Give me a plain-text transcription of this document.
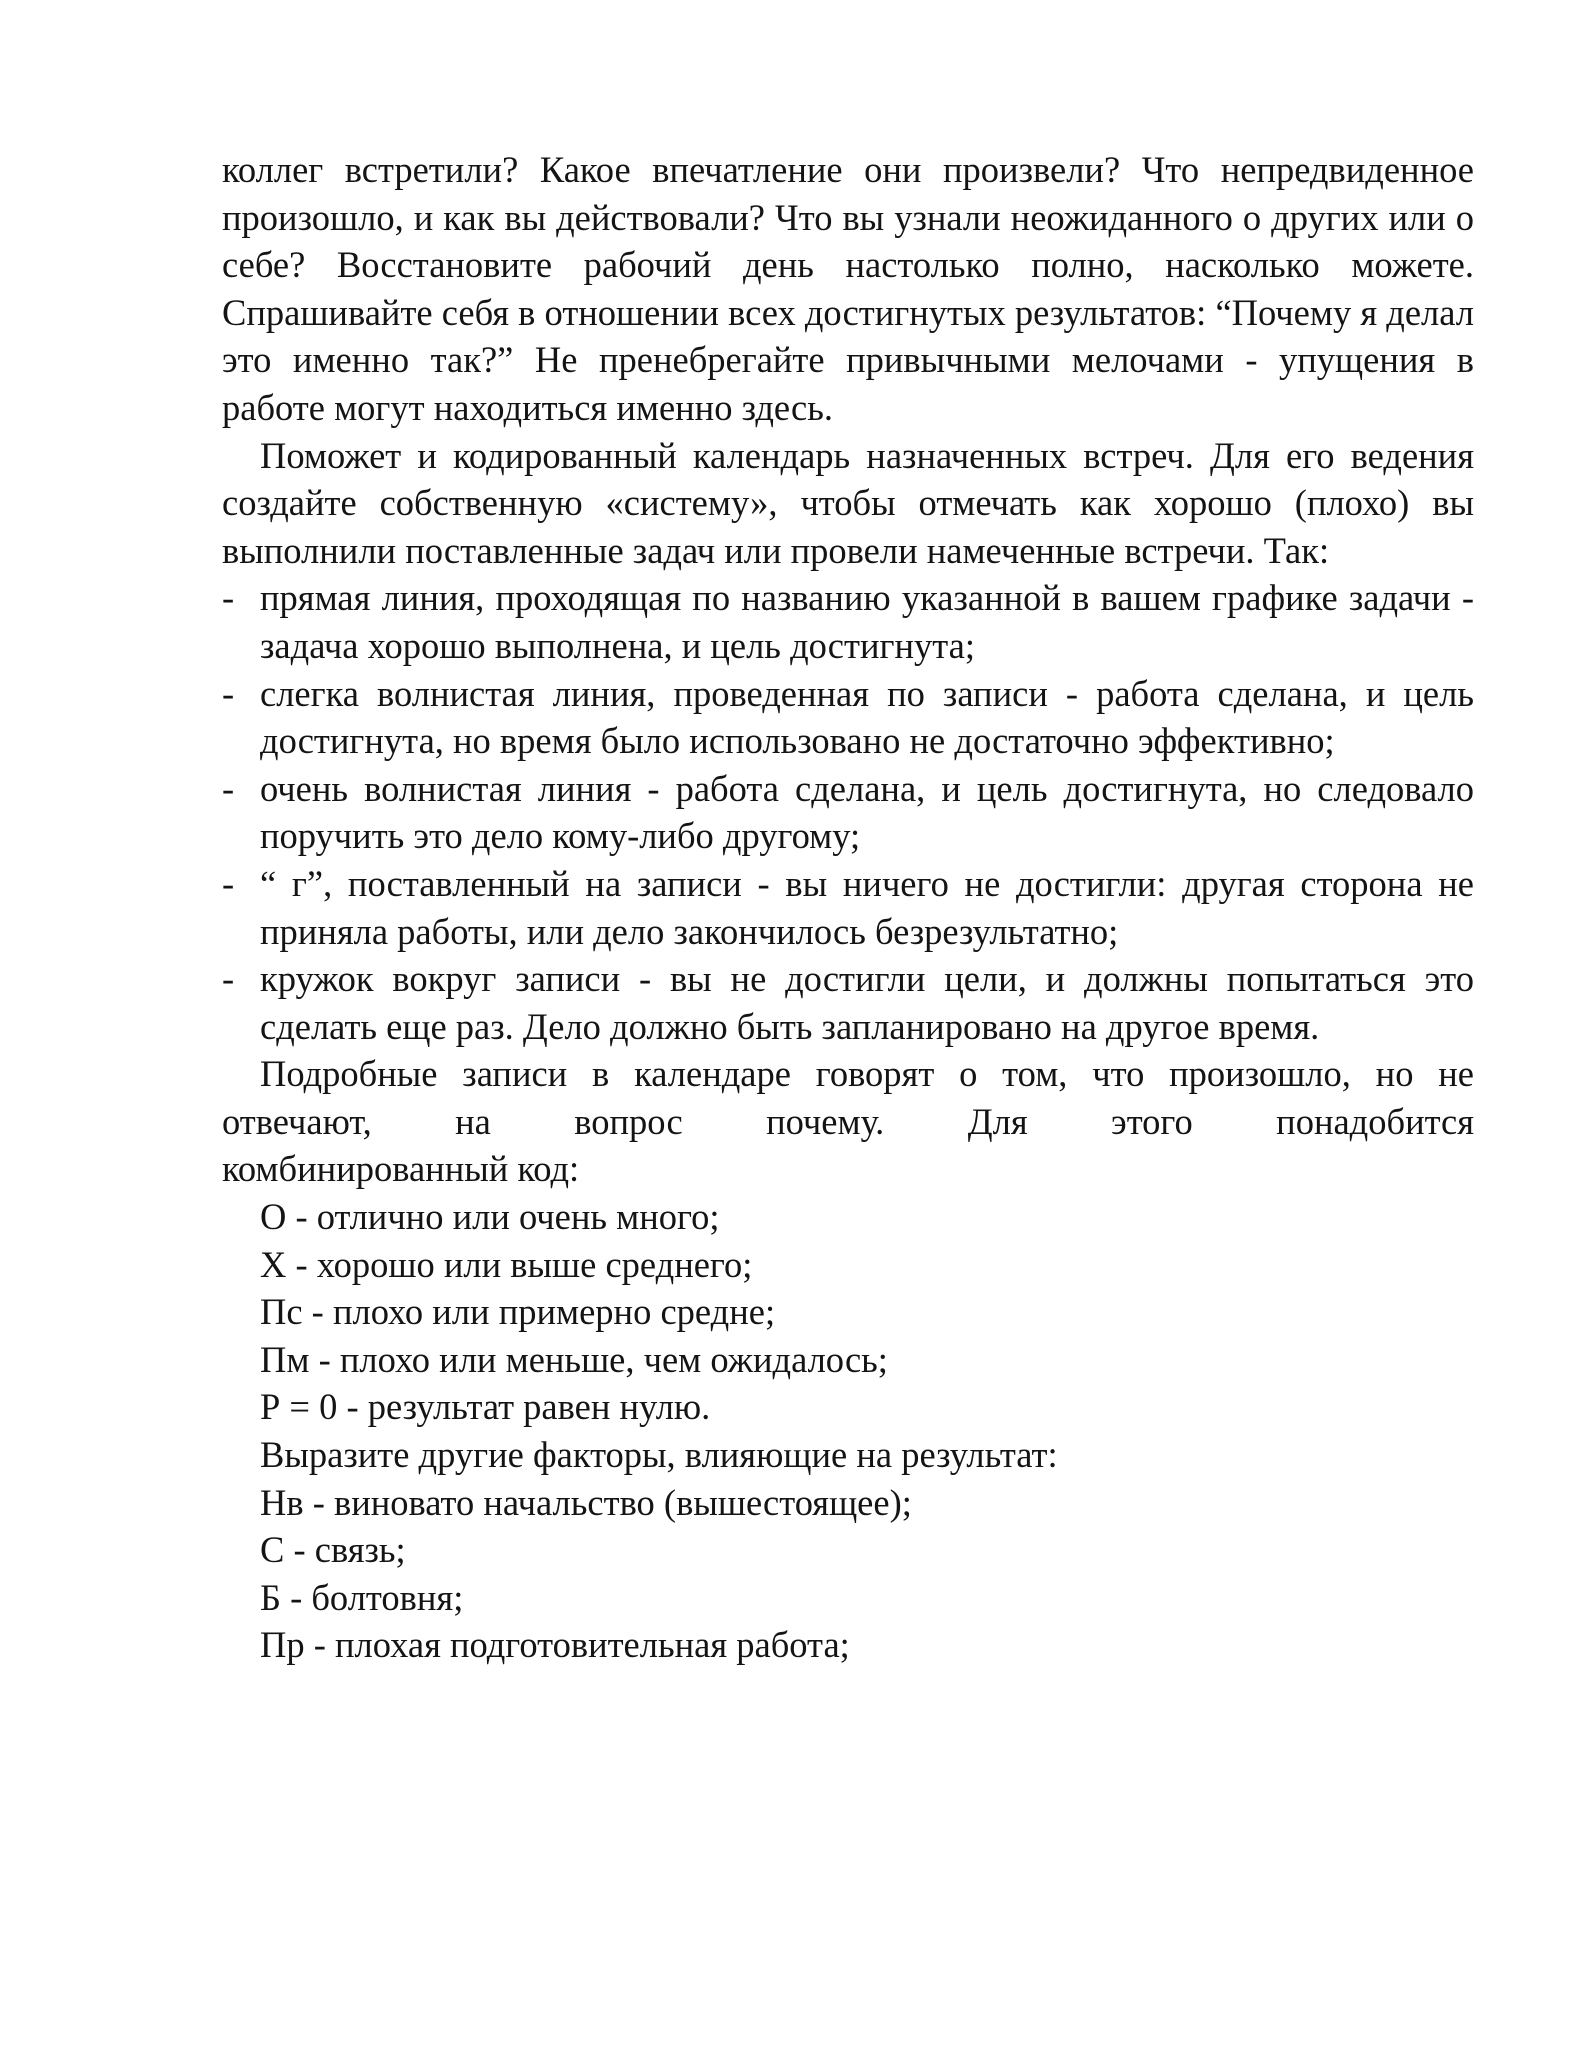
коллег встретили? Какое впечатление они произвели? Что непредвиденное произошло, и как вы действовали? Что вы узнали неожиданного о других или о себе? Восстановите рабочий день настолько полно, насколько можете. Спрашивайте себя в отношении всех достигнутых результатов: “Почему я делал это именно так?” Не пренебрегайте привычными мелочами - упущения в работе могут находиться именно здесь.

Поможет и кодированный календарь назначенных встреч. Для его ведения создайте собственную «систему», чтобы отмечать как хорошо (плохо) вы выполнили поставленные задач или провели намеченные встречи. Так:

- прямая линия, проходящая по названию указанной в вашем графике задачи - задача хорошо выполнена, и цель достигнута;
- слегка волнистая линия, проведенная по записи - работа сделана, и цель достигнута, но время было использовано не достаточно эффективно;
- очень волнистая линия - работа сделана, и цель достигнута, но следовало поручить это дело кому-либо другому;
- “ г”, поставленный на записи - вы ничего не достигли: другая сторона не приняла работы, или дело закончилось безрезультатно;
- кружок вокруг записи - вы не достигли цели, и должны попытаться это сделать еще раз. Дело должно быть запланировано на другое время.

Подробные записи в календаре говорят о том, что произошло, но не

отвечают, на вопрос почему. Для этого понадобится

комбинированный код:

О - отлично или очень много;

Х - хорошо или выше среднего;

Пс - плохо или примерно средне;

Пм - плохо или меньше, чем ожидалось;

Р = 0 - результат равен нулю.

Выразите другие факторы, влияющие на результат:

Нв - виновато начальство (вышестоящее);

С - связь;

Б - болтовня;

Пр - плохая подготовительная работа;
